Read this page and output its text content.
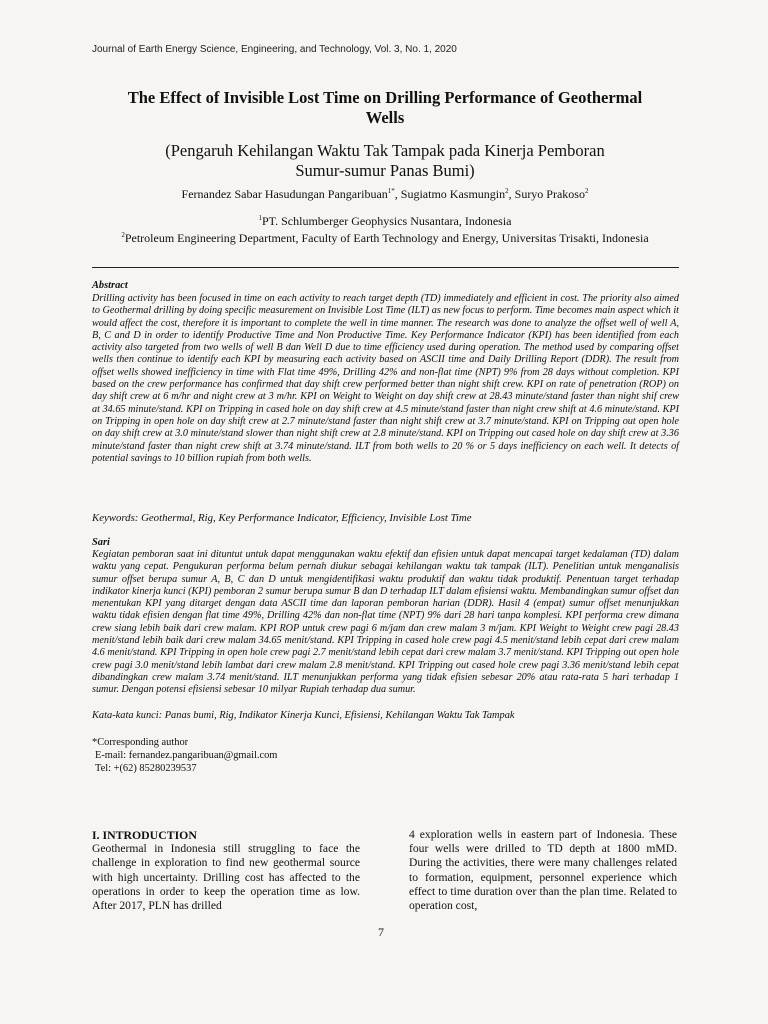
Journal of Earth Energy Science, Engineering, and Technology, Vol. 3, No. 1, 2020
The Effect of Invisible Lost Time on Drilling Performance of Geothermal
Wells
(Pengaruh Kehilangan Waktu Tak Tampak pada Kinerja Pemboran
Sumur-sumur Panas Bumi)
Fernandez Sabar Hasudungan Pangaribuan$^{1*}$, Sugiatmo Kasmungin$^2$, Suryo Prakoso$^2$
$^1$PT. Schlumberger Geophysics Nusantara, Indonesia
$^2$Petroleum Engineering Department, Faculty of Earth Technology and Energy, Universitas Trisakti, Indonesia
Abstract
Drilling activity has been focused in time on each activity to reach target depth (TD) immediately and efficient in cost. The priority also aimed to Geothermal drilling by doing specific measurement on Invisible Lost Time (ILT) as new focus to perform. Time becomes main aspect which it would affect the cost, therefore it is important to complete the well in time manner. The research was done to analyze the offset well of well A, B, C and D in order to identify Productive Time and Non Productive Time. Key Performance Indicator (KPI) has been identified from each activity also targeted from two wells of well B dan Well D due to time efficiency used during operation. The method used by comparing offset wells then continue to identify each KPI by measuring each activity based on ASCII time and Daily Drilling Report (DDR). The result from offset wells showed inefficiency in time with Flat time 49%, Drilling 42% and non-flat time (NPT) 9% from 28 days without completion. KPI based on the crew performance has confirmed that day shift crew performed better than night shift crew. KPI on rate of penetration (ROP) on day shift crew at 6 m/hr and night crew at 3 m/hr. KPI on Weight to Weight on day shift crew at 28.43 minute/stand faster than night shif crew at 34.65 minute/stand. KPI on Tripping in cased hole on day shift crew at 4.5 minute/stand faster than night crew shift at 4.6 minute/stand. KPI on Tripping in open hole on day shift crew at 2.7 minute/stand faster than night shift crew at 3.7 minute/stand. KPI on Tripping out open hole on day shift crew at 3.0 minute/stand slower than night shift crew at 2.8 minute/stand. KPI on Tripping out cased hole on day shift crew at 3.36 minute/stand faster than night crew shift at 3.74 minute/stand. ILT from both wells to 20 % or 5 days inefficiency on each well. It detects of potential savings to 10 billion rupiah from both wells.
Keywords: Geothermal, Rig, Key Performance Indicator, Efficiency, Invisible Lost Time
Sari
Kegiatan pemboran saat ini dituntut untuk dapat menggunakan waktu efektif dan efisien untuk dapat mencapai target kedalaman (TD) dalam waktu yang cepat. Pengukuran performa belum pernah diukur sebagai kehilangan waktu tak tampak (ILT). Penelitian untuk menganalisis sumur offset berupa sumur A, B, C dan D untuk mengidentifikasi waktu produktif dan waktu tidak produktif. Penentuan target terhadap indikator kinerja kunci (KPI) pemboran 2 sumur berupa sumur B dan D terhadap ILT dalam efisiensi waktu. Membandingkan sumur offset dan menentukan KPI yang ditarget dengan data ASCII time dan laporan pemboran harian (DDR). Hasil 4 (empat) sumur offset menunjukkan waktu tidak efisien dengan flat time 49%, Drilling 42% dan non-flat time (NPT) 9% dari 28 hari tanpa komplesi. KPI performa crew dimana crew siang lebih baik dari crew malam. KPI ROP untuk crew pagi 6 m/jam dan crew malam 3 m/jam. KPI Weight to Weight crew pagi 28.43 menit/stand lebih baik dari crew malam 34.65 menit/stand. KPI Tripping in cased hole crew pagi 4.5 menit/stand lebih cepat dari crew malam 4.6 menit/stand. KPI Tripping in open hole crew pagi 2.7 menit/stand lebih cepat dari crew malam 3.7 menit/stand. KPI Tripping out open hole crew pagi 3.0 menit/stand lebih lambat dari crew malam 2.8 menit/stand. KPI Tripping out cased hole crew pagi 3.36 menit/stand lebih cepat dibandingkan crew malam 3.74 menit/stand. ILT menunjukkan performa yang tidak efisien sebesar 20% atau rata-rata 5 hari terhadap 1 sumur. Dengan potensi efisiensi sebesar 10 milyar Rupiah terhadap dua sumur.
Kata-kata kunci: Panas bumi, Rig, Indikator Kinerja Kunci, Efisiensi, Kehilangan Waktu Tak Tampak
*Corresponding author
E-mail: fernandez.pangaribuan@gmail.com
Tel: +(62) 85280239537
I. INTRODUCTION
Geothermal in Indonesia still struggling to face the challenge in exploration to find new geothermal source with high uncertainty. Drilling cost has affected to the operations in order to keep the operation time as low. After 2017, PLN has drilled
4 exploration wells in eastern part of Indonesia. These four wells were drilled to TD depth at 1800 mMD. During the activities, there were many challenges related to formation, equipment, personnel experience which effect to time duration over than the plan time. Related to operation cost,
7
